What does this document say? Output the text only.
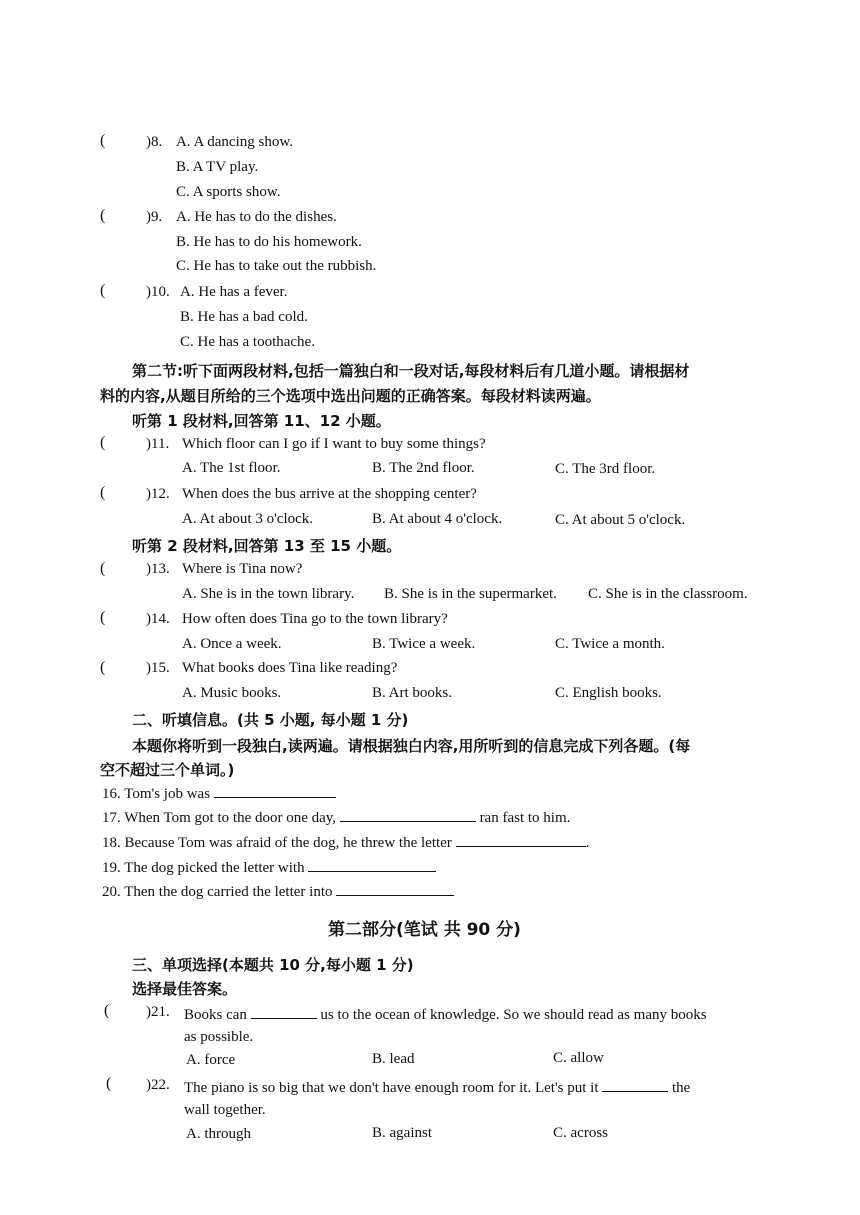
(	)8. A. A dancing show.
B. A TV play.
C. A sports show.
(	)9. A. He has to do the dishes.
B. He has to do his homework.
C. He has to take out the rubbish.
(	)10. A. He has a fever.
B. He has a bad cold.
C. He has a toothache.
第二节:听下面两段材料,包括一篇独白和一段对话,每段材料后有几道小题。请根据材
料的内容,从题目所给的三个选项中选出问题的正确答案。每段材料读两遍。
听第 1 段材料,回答第 11、12 小题。
(	)11. Which floor can I go if I want to buy some things?
A. The 1st floor.	B. The 2nd floor.	C. The 3rd floor.
(	)12. When does the bus arrive at the shopping center?
A. At about 3 o'clock.	B. At about 4 o'clock.	C. At about 5 o'clock.
听第 2 段材料,回答第 13 至 15 小题。
(	)13. Where is Tina now?
A. She is in the town library. B. She is in the supermarket. C. She is in the classroom.
(	)14. How often does Tina go to the town library?
A. Once a week.	B. Twice a week.	C. Twice a month.
(	)15. What books does Tina like reading?
A. Music books.	B. Art books.	C. English books.
二、听填信息。(共 5 小题, 每小题 1 分)
本题你将听到一段独白,读两遍。请根据独白内容,用所听到的信息完成下列各题。(每
空不超过三个单词。)
16. Tom's job was
17. When Tom got to the door one day,	ran fast to him.
18. Because Tom was afraid of the dog, he threw the letter	.
19. The dog picked the letter with
20. Then the dog carried the letter into
第二部分(笔试 共 90 分)
三、单项选择(本题共 10 分,每小题 1 分)
选择最佳答案。
( )21. Books can	us to the ocean of knowledge. So we should read as many books
as possible.
A. force	B. lead	C. allow
( )22. The piano is so big that we don't have enough room for it. Let's put it	the
wall together.
A. through	B. against	C. across
